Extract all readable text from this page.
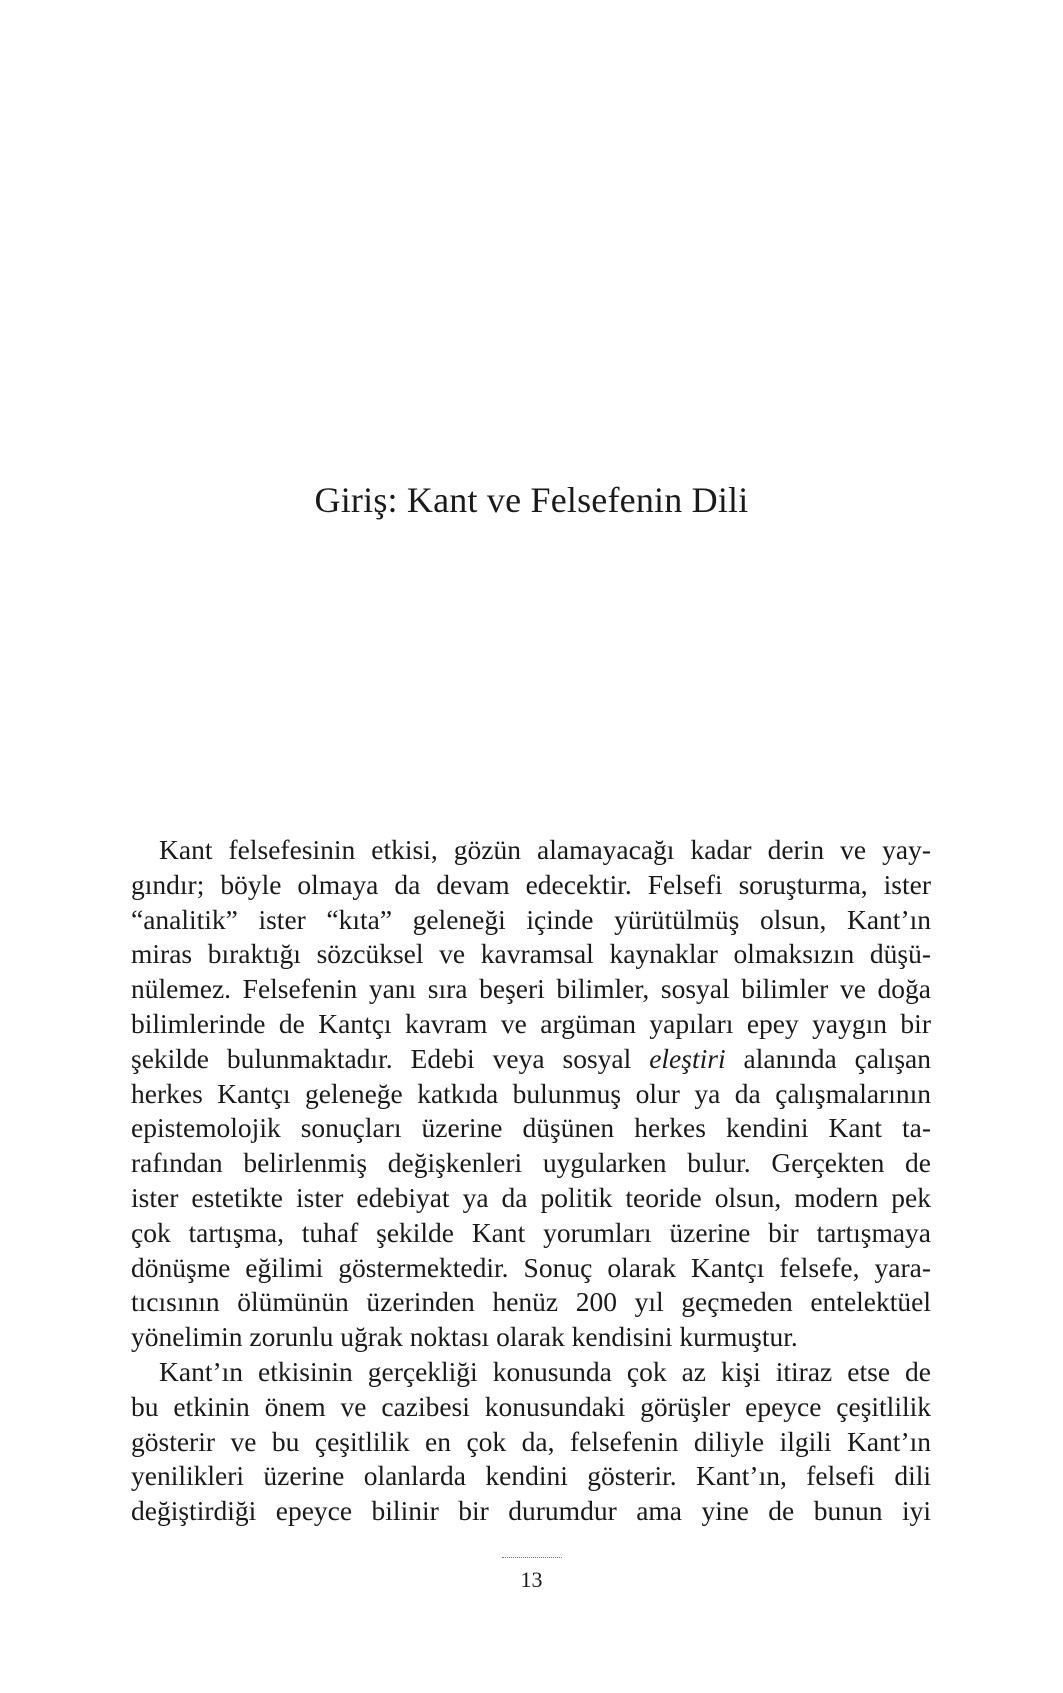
Giriş: Kant ve Felsefenin Dili
Kant felsefesinin etkisi, gözün alamayacağı kadar derin ve yay-
gındır; böyle olmaya da devam edecektir. Felsefi soruşturma, ister
“analitik” ister “kıta” geleneği içinde yürütülmüş olsun, Kant’ın
miras bıraktığı sözcüksel ve kavramsal kaynaklar olmaksızın düşü-
nülemez. Felsefenin yanı sıra beşeri bilimler, sosyal bilimler ve doğa
bilimlerinde de Kantçı kavram ve argüman yapıları epey yaygın bir
şekilde bulunmaktadır. Edebi veya sosyal eleştiri alanında çalışan
herkes Kantçı geleneğe katkıda bulunmuş olur ya da çalışmalarının
epistemolojik sonuçları üzerine düşünen herkes kendini Kant ta-
rafından belirlenmiş değişkenleri uygularken bulur. Gerçekten de
ister estetikte ister edebiyat ya da politik teoride olsun, modern pek
çok tartışma, tuhaf şekilde Kant yorumları üzerine bir tartışmaya
dönüşme eğilimi göstermektedir. Sonuç olarak Kantçı felsefe, yara-
tıcısının ölümünün üzerinden henüz 200 yıl geçmeden entelektüel
yönelimin zorunlu uğrak noktası olarak kendisini kurmuştur.
Kant’ın etkisinin gerçekliği konusunda çok az kişi itiraz etse de
bu etkinin önem ve cazibesi konusundaki görüşler epeyce çeşitlilik
gösterir ve bu çeşitlilik en çok da, felsefenin diliyle ilgili Kant’ın
yenilikleri üzerine olanlarda kendini gösterir. Kant’ın, felsefi dili
değiştirdiği epeyce bilinir bir durumdur ama yine de bunun iyi
13
